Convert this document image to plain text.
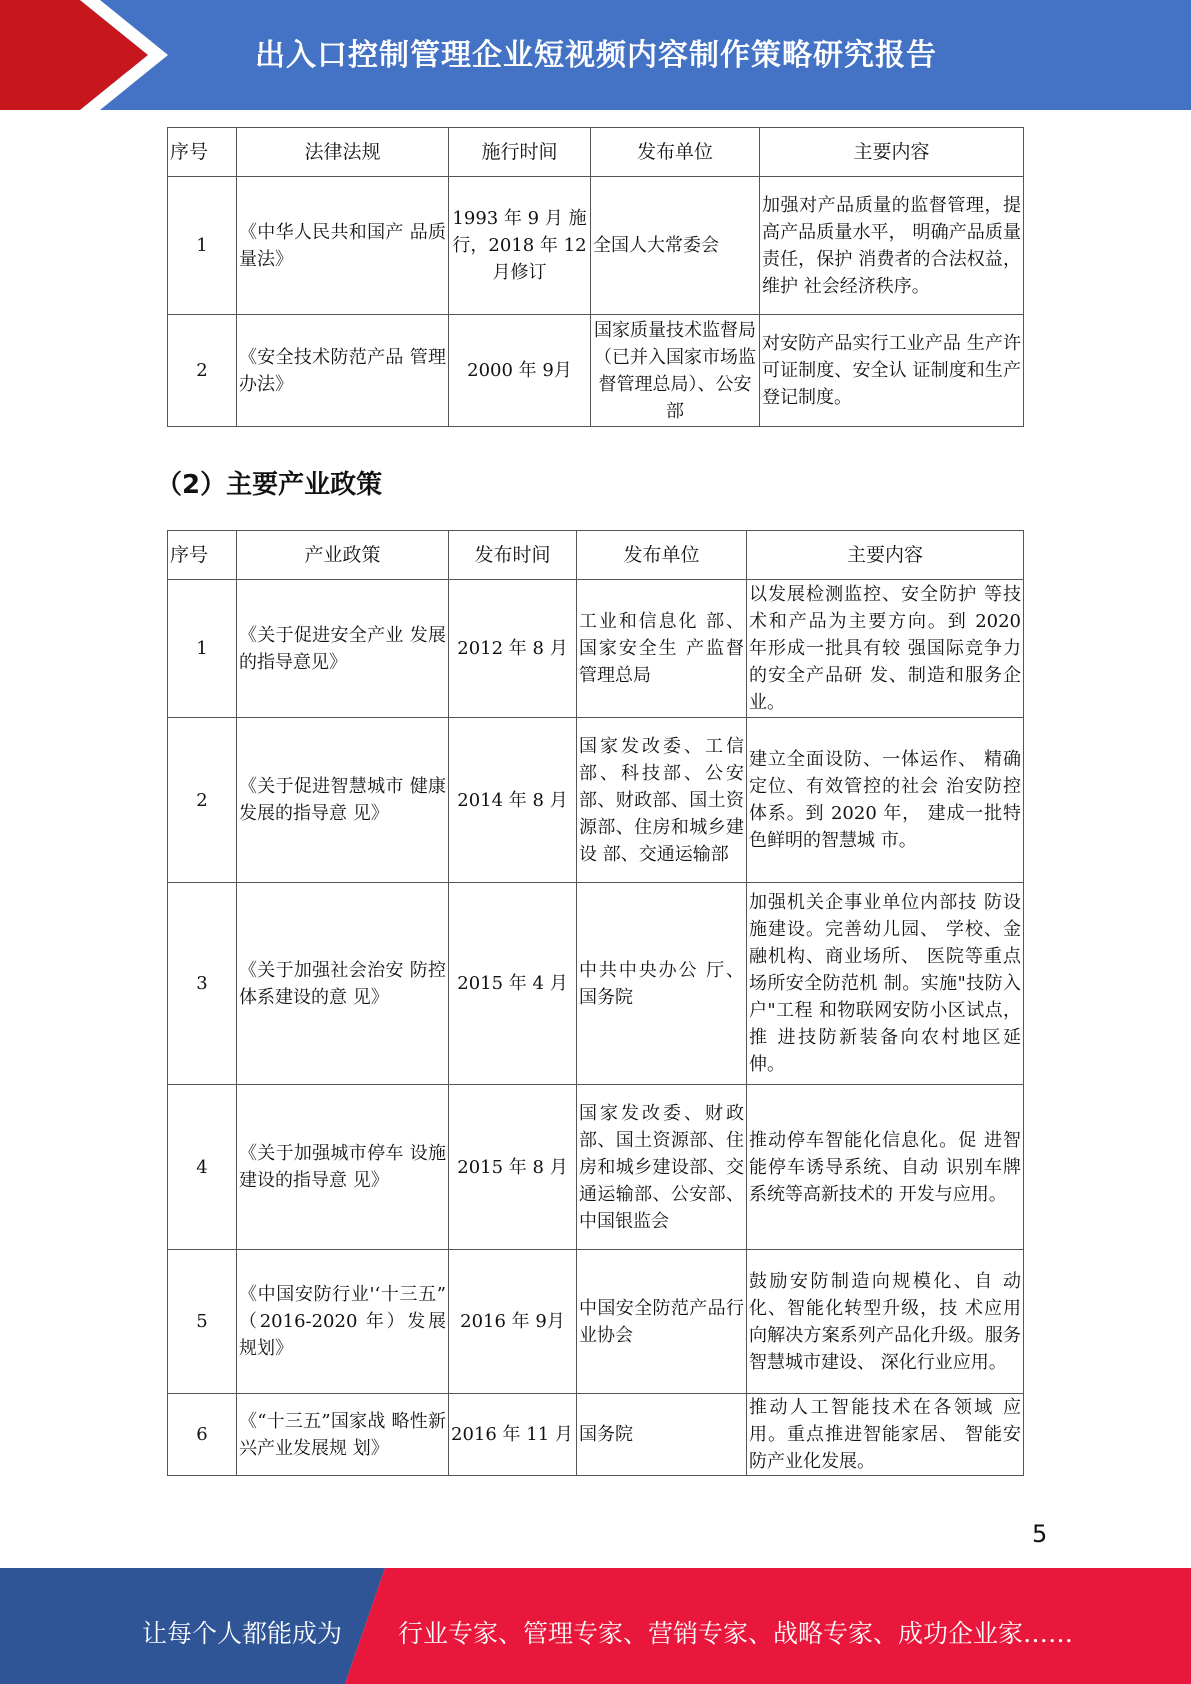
出入口控制管理企业短视频内容制作策略研究报告
序号	法律法规	施行时间	发布单位	主要内容
1	《中华人民共和国产 品质量法》	1993 年 9 月 施行，2018 年 12 月修订	全国人大常委会	加强对产品质量的监督管理，提高产品质量水平， 明确产品质量责任，保护 消费者的合法权益，维护 社会经济秩序。
2	《安全技术防范产品 管理办法》	2000 年 9月	国家质量技术监督局（已并入国家市场监督管理总局）、公安部	对安防产品实行工业产品 生产许可证制度、安全认 证制度和生产登记制度。
（2）主要产业政策
序号	产业政策	发布时间	发布单位	主要内容
1	《关于促进安全产业 发展的指导意见》	2012 年 8 月	工业和信息化 部、国家安全生 产监督管理总局	以发展检测监控、安全防护 等技术和产品为主要方向。到 2020 年形成一批具有较 强国际竞争力的安全产品研 发、制造和服务企业。
2	《关于促进智慧城市 健康发展的指导意 见》	2014 年 8 月	国家发改委、工信部、科技部、公安部、财政部、国土资源部、住房和城乡建设 部、交通运输部	建立全面设防、一体运作、 精确定位、有效管控的社会 治安防控体系。到 2020 年， 建成一批特色鲜明的智慧城 市。
3	《关于加强社会治安 防控体系建设的意 见》	2015 年 4 月	中共中央办公 厅、国务院	加强机关企事业单位内部技 防设施建设。完善幼儿园、 学校、金融机构、商业场所、 医院等重点场所安全防范机 制。实施"技防入户"工程 和物联网安防小区试点，推 进技防新装备向农村地区延 伸。
4	《关于加强城市停车 设施建设的指导意 见》	2015 年 8 月	国家发改委、财政部、国土资源部、住房和城乡建设部、交通运输部、公安部、中国银监会	推动停车智能化信息化。促 进智能停车诱导系统、自动 识别车牌系统等高新技术的 开发与应用。
5	《中国安防行业'‘十三五” （2016-2020 年）发展规划》	2016 年 9月	中国安全防范产品行业协会	鼓励安防制造向规模化、自 动化、智能化转型升级，技 术应用向解决方案系列产品化升级。服务智慧城市建设、 深化行业应用。
6	《“十三五”国家战 略性新兴产业发展规 划》	2016 年 11 月	国务院	推动人工智能技术在各领域 应用。重点推进智能家居、 智能安防产业化发展。
5
让每个人都能成为 行业专家、管理专家、营销专家、战略专家、成功企业家……
